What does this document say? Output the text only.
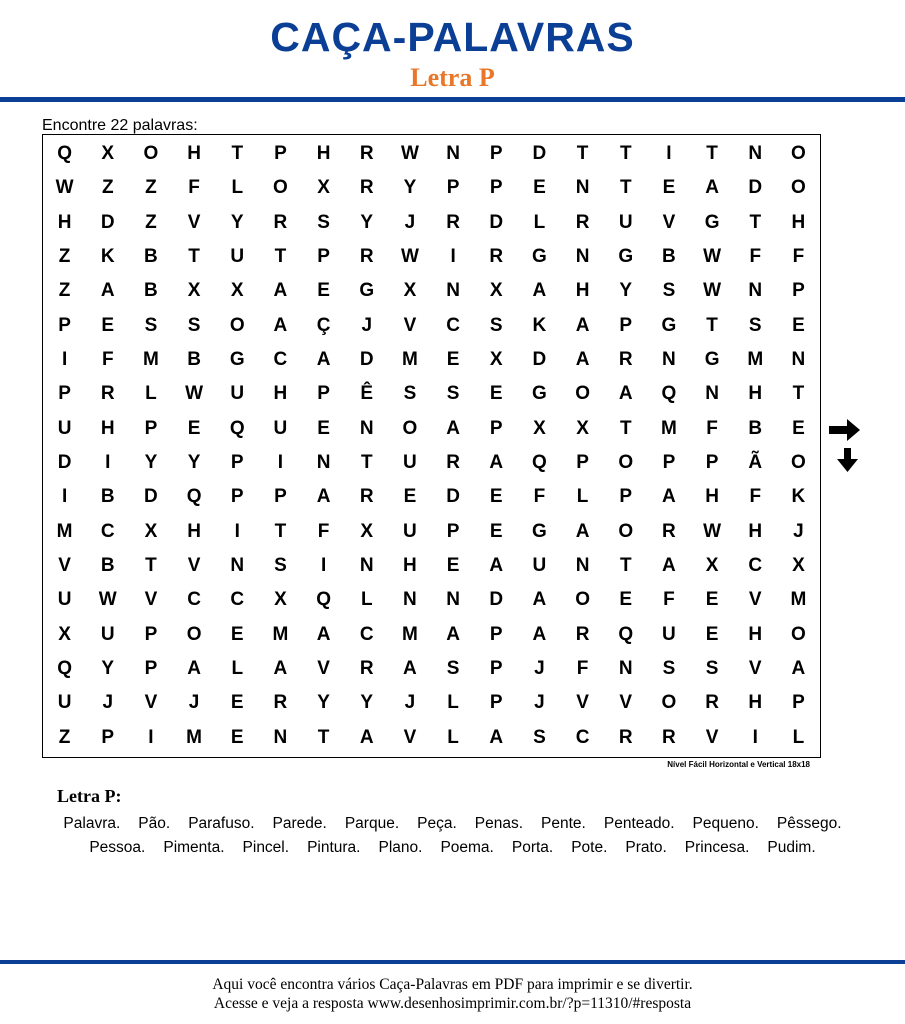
CAÇA-PALAVRAS
Letra P
Encontre 22 palavras:
Q	X	O	H	T	P	H	R	W	N	P	D	T	T	I	T	N	O
W	Z	Z	F	L	O	X	R	Y	P	P	E	N	T	E	A	D	O
H	D	Z	V	Y	R	S	Y	J	R	D	L	R	U	V	G	T	H
Z	K	B	T	U	T	P	R	W	I	R	G	N	G	B	W	F	F
Z	A	B	X	X	A	E	G	X	N	X	A	H	Y	S	W	N	P
P	E	S	S	O	A	Ç	J	V	C	S	K	A	P	G	T	S	E
I	F	M	B	G	C	A	D	M	E	X	D	A	R	N	G	M	N
P	R	L	W	U	H	P	Ê	S	S	E	G	O	A	Q	N	H	T
U	H	P	E	Q	U	E	N	O	A	P	X	X	T	M	F	B	E
D	I	Y	Y	P	I	N	T	U	R	A	Q	P	O	P	P	Ã	O
I	B	D	Q	P	P	A	R	E	D	E	F	L	P	A	H	F	K
M	C	X	H	I	T	F	X	U	P	E	G	A	O	R	W	H	J
V	B	T	V	N	S	I	N	H	E	A	U	N	T	A	X	C	X
U	W	V	C	C	X	Q	L	N	N	D	A	O	E	F	E	V	M
X	U	P	O	E	M	A	C	M	A	P	A	R	Q	U	E	H	O
Q	Y	P	A	L	A	V	R	A	S	P	J	F	N	S	S	V	A
U	J	V	J	E	R	Y	Y	J	L	P	J	V	V	O	R	H	P
Z	P	I	M	E	N	T	A	V	L	A	S	C	R	R	V	I	L
Nível Fácil Horizontal e Vertical 18x18
Letra P:
Palavra. Pão. Parafuso. Parede. Parque. Peça. Penas. Pente. Penteado. Pequeno. Pêssego.Pessoa. Pimenta. Pincel. Pintura. Plano. Poema. Porta. Pote. Prato. Princesa. Pudim.
Aqui você encontra vários Caça-Palavras em PDF para imprimir e se divertir.
Acesse e veja a resposta www.desenhosimprimir.com.br/?p=11310/#resposta
